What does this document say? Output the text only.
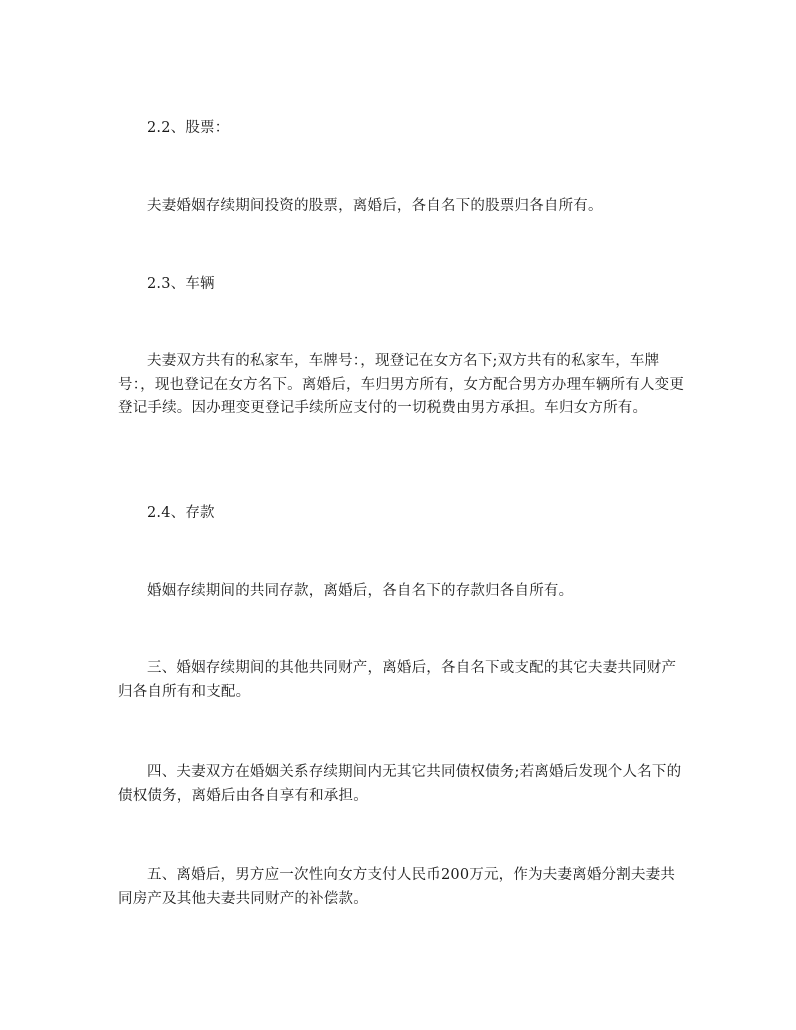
2.2、股票：

夫妻婚姻存续期间投资的股票，离婚后，各自名下的股票归各自所有。

2.3、车辆

夫妻双方共有的私家车，车牌号：，现登记在女方名下;双方共有的私家车，车牌号：，现也登记在女方名下。离婚后，车归男方所有，女方配合男方办理车辆所有人变更登记手续。因办理变更登记手续所应支付的一切税费由男方承担。车归女方所有。

2.4、存款

婚姻存续期间的共同存款，离婚后，各自名下的存款归各自所有。

三、婚姻存续期间的其他共同财产，离婚后，各自名下或支配的其它夫妻共同财产归各自所有和支配。

四、夫妻双方在婚姻关系存续期间内无其它共同债权债务;若离婚后发现个人名下的债权债务，离婚后由各自享有和承担。

五、离婚后，男方应一次性向女方支付人民币200万元，作为夫妻离婚分割夫妻共同房产及其他夫妻共同财产的补偿款。
